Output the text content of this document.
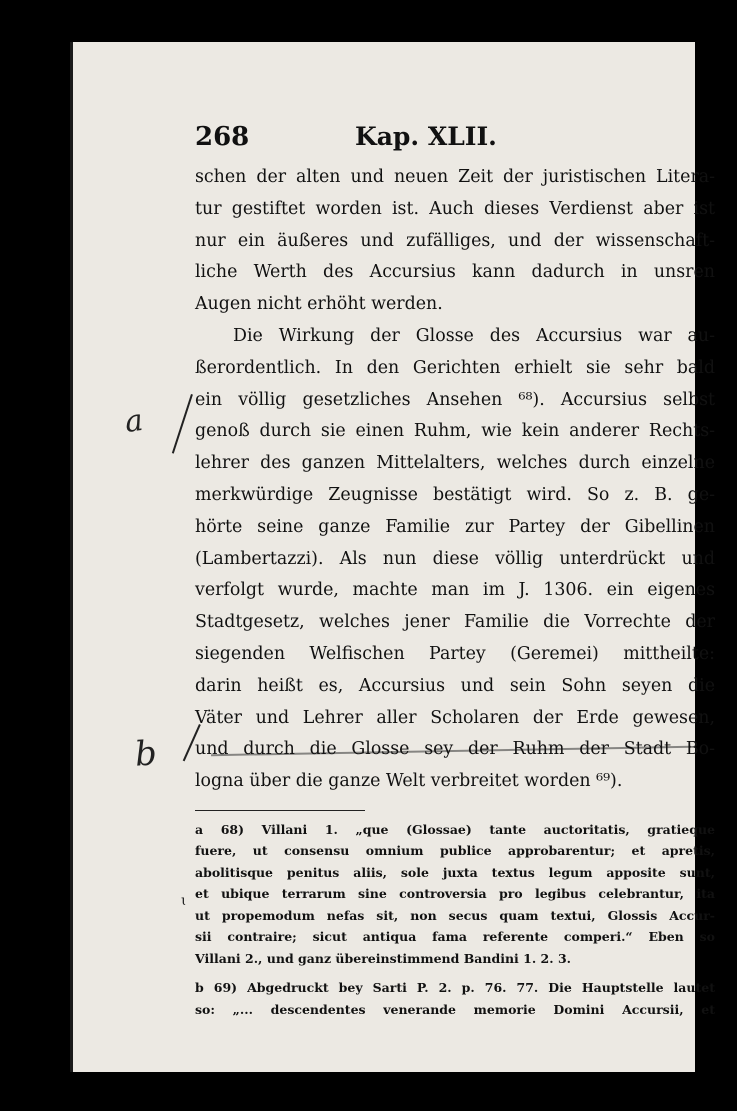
a
b
ɩ
268	Kap. XLII.
schen der alten und neuen Zeit der juristischen Litera-
tur gestiftet worden ist. Auch dieses Verdienst aber ist
nur ein äußeres und zufälliges, und der wissenschaft-
liche Werth des Accursius kann dadurch in unsren
Augen nicht erhöht werden.
Die Wirkung der Glosse des Accursius war au-
ßerordentlich. In den Gerichten erhielt sie sehr bald
ein völlig gesetzliches Ansehen ⁶⁸). Accursius selbst
genoß durch sie einen Ruhm, wie kein anderer Rechts-
lehrer des ganzen Mittelalters, welches durch einzelne
merkwürdige Zeugnisse bestätigt wird. So z. B. ge-
hörte seine ganze Familie zur Partey der Gibellinen
(Lambertazzi). Als nun diese völlig unterdrückt und
verfolgt wurde, machte man im J. 1306. ein eigenes
Stadtgesetz, welches jener Familie die Vorrechte der
siegenden Welfischen Partey (Geremei) mittheilte:
darin heißt es, Accursius und sein Sohn seyen die
Väter und Lehrer aller Scholaren der Erde gewesen,
und durch die Glosse sey der Ruhm der Stadt Bo-
logna über die ganze Welt verbreitet worden ⁶⁹).
a 68) Villani 1. „que (Glossae) tante auctoritatis, gratieque
fuere, ut consensu omnium publice approbarentur; et apretis,
abolitisque penitus aliis, sole juxta textus legum apposite sunt,
et ubique terrarum sine controversia pro legibus celebrantur, ita
ut propemodum nefas sit, non secus quam textui, Glossis Accur-
sii contraire; sicut antiqua fama referente comperi.“ Eben so
Villani 2., und ganz übereinstimmend Bandini 1. 2. 3.
b 69) Abgedruckt bey Sarti P. 2. p. 76. 77. Die Hauptstelle lautet
so: „... descendentes venerande memorie Domini Accursii, et
